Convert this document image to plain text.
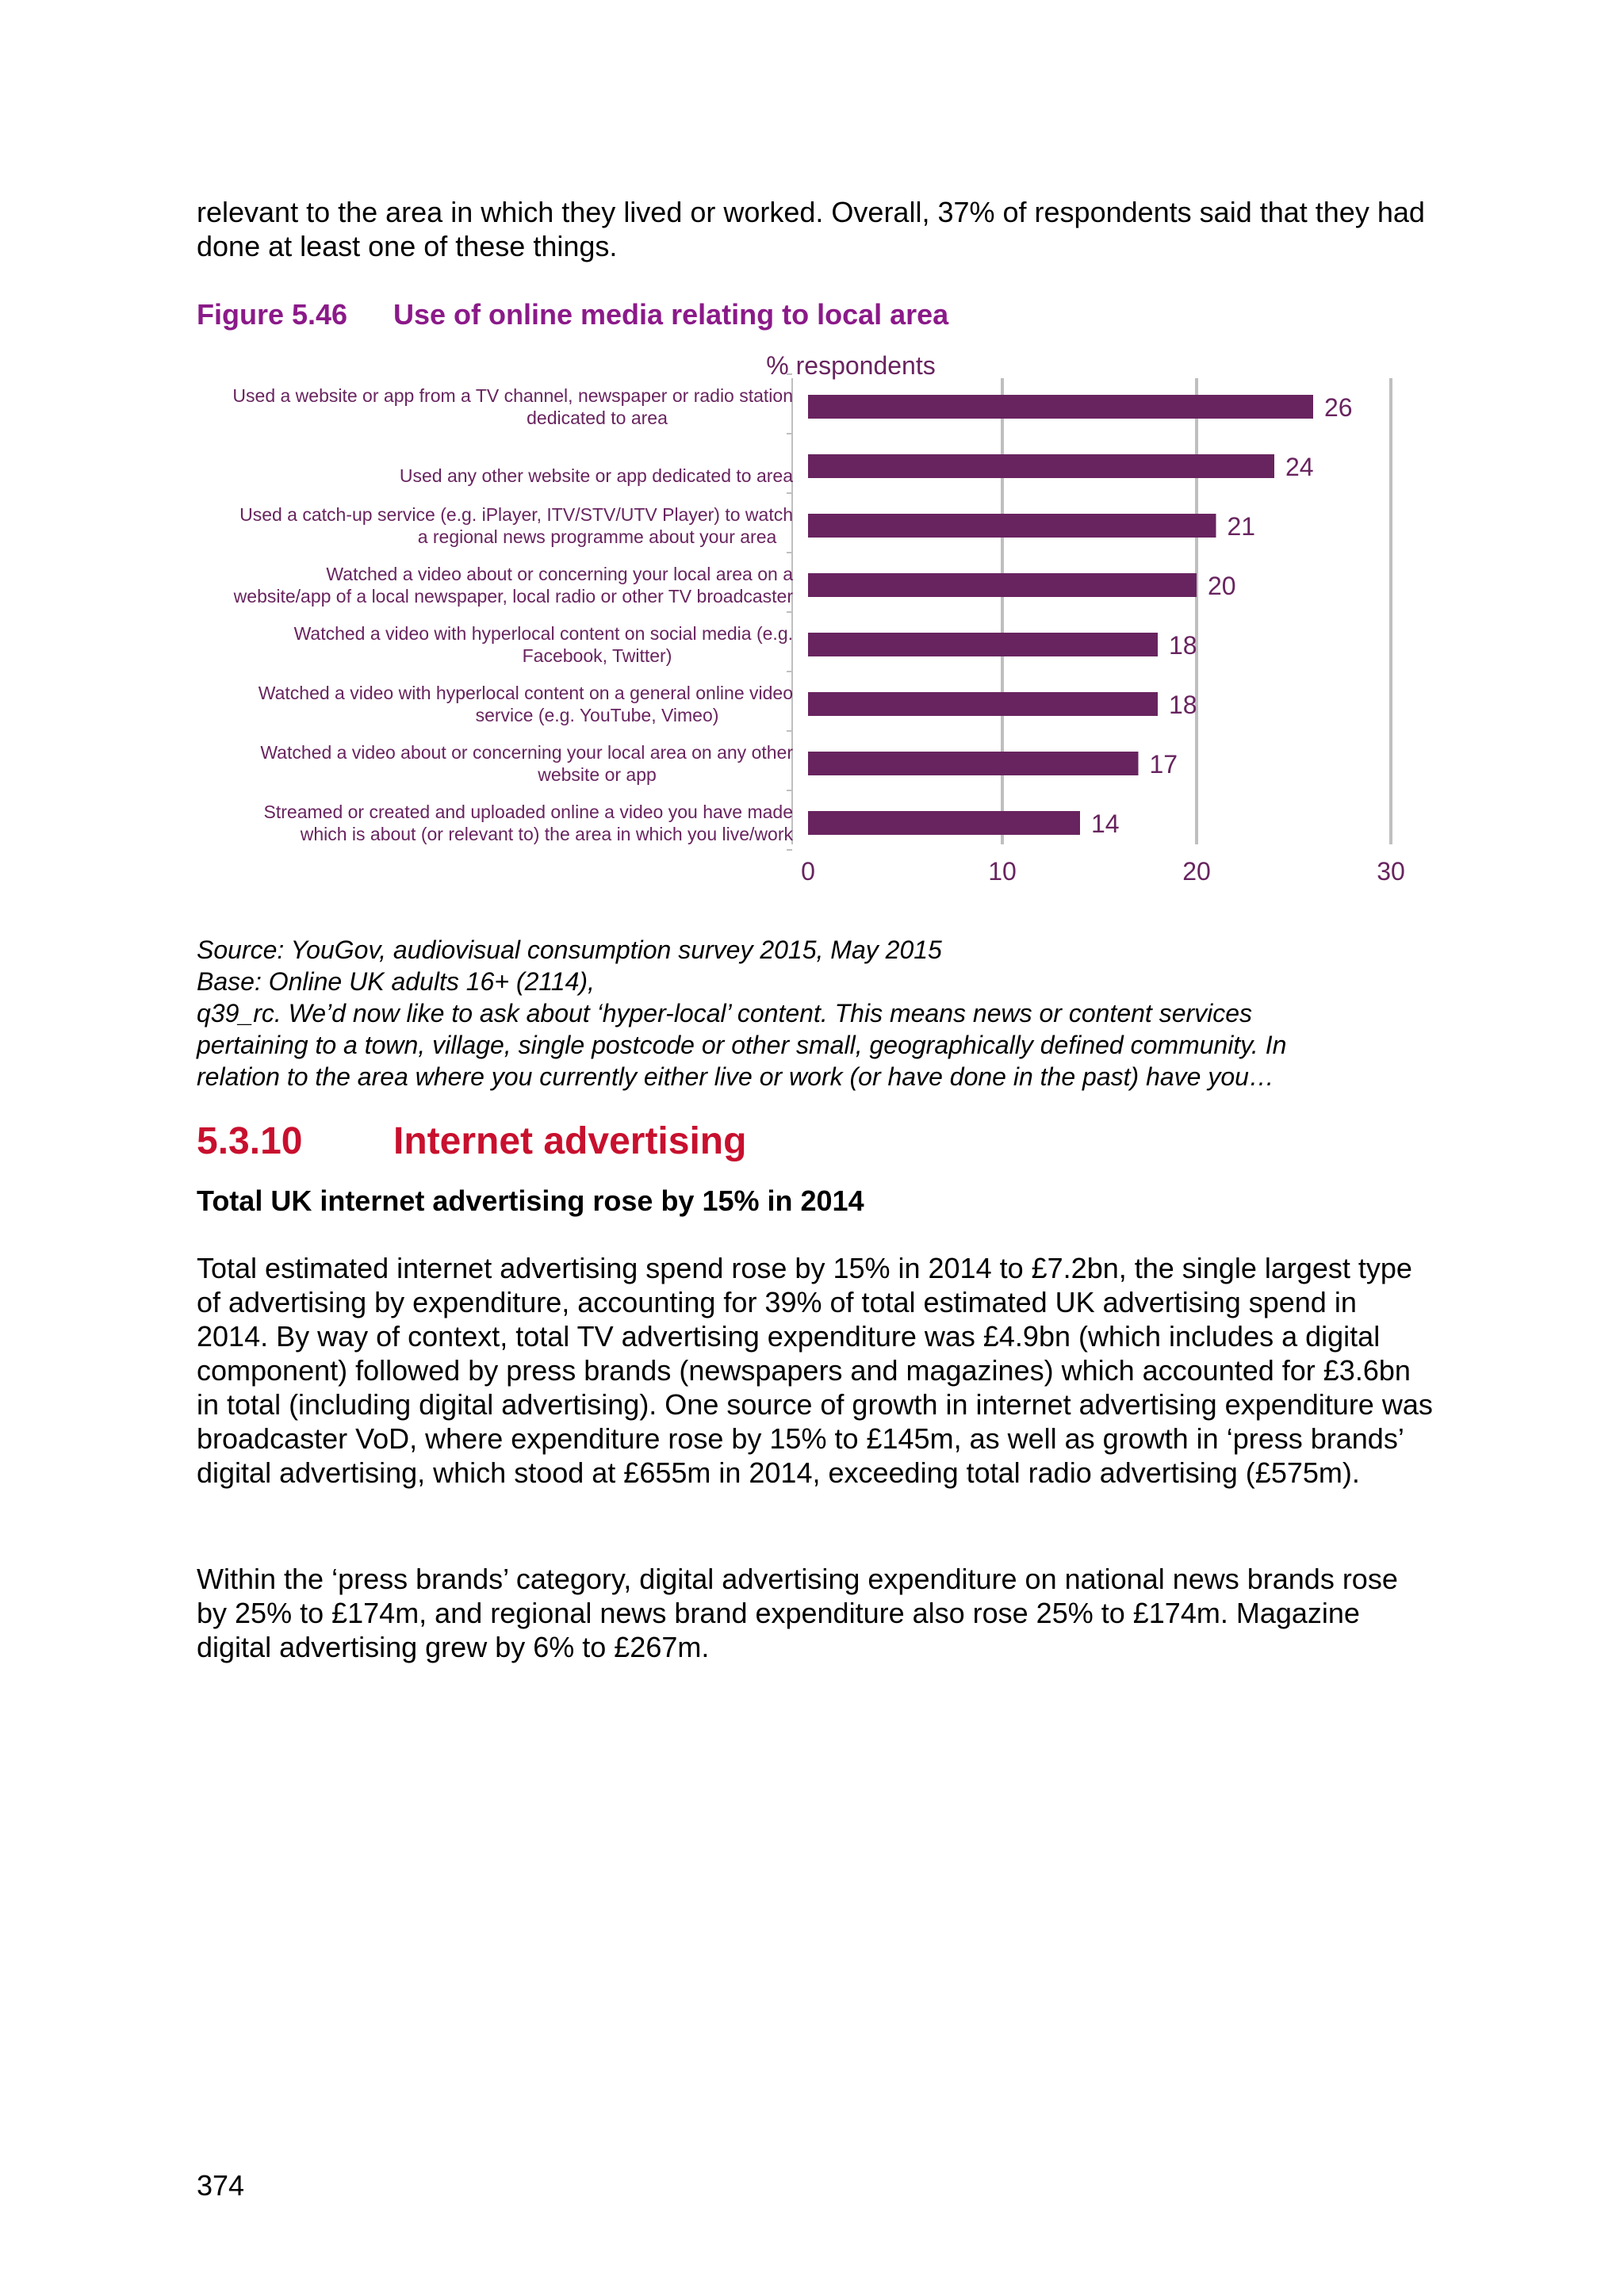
relevant to the area in which they lived or worked. Overall, 37% of respondents said that they had done at least one of these things.

Figure 5.46 Use of online media relating to local area
% respondents
0	10	20	30
26
Used a website or app from a TV channel, newspaper or radio station
dedicated to area
24
Used any other website or app dedicated to area
21
Used a catch-up service (e.g. iPlayer, ITV/STV/UTV Player) to watch
a regional news programme about your area
20
Watched a video about or concerning your local area on a
website/app of a local newspaper, local radio or other TV broadcaster
18
Watched a video with hyperlocal content on social media (e.g.
Facebook, Twitter)
18
Watched a video with hyperlocal content on a general online video
service (e.g. YouTube, Vimeo)
17
Watched a video about or concerning your local area on any other
website or app
14
Streamed or created and uploaded online a video you have made
which is about (or relevant to) the area in which you live/work
Source: YouGov, audiovisual consumption survey 2015, May 2015
Base: Online UK adults 16+ (2114),
q39_rc. We’d now like to ask about ‘hyper-local’ content. This means news or content services
pertaining to a town, village, single postcode or other small, geographically defined community. In
relation to the area where you currently either live or work (or have done in the past) have you…
5.3.10 Internet advertising
Total UK internet advertising rose by 15% in 2014

Total estimated internet advertising spend rose by 15% in 2014 to £7.2bn, the single largest type of advertising by expenditure, accounting for 39% of total estimated UK advertising spend in 2014. By way of context, total TV advertising expenditure was £4.9bn (which includes a digital component) followed by press brands (newspapers and magazines) which accounted for £3.6bn in total (including digital advertising). One source of growth in internet advertising expenditure was broadcaster VoD, where expenditure rose by 15% to £145m, as well as growth in ‘press brands’ digital advertising, which stood at £655m in 2014, exceeding total radio advertising (£575m).

Within the ‘press brands’ category, digital advertising expenditure on national news brands rose by 25% to £174m, and regional news brand expenditure also rose 25% to £174m. Magazine digital advertising grew by 6% to £267m.

374
